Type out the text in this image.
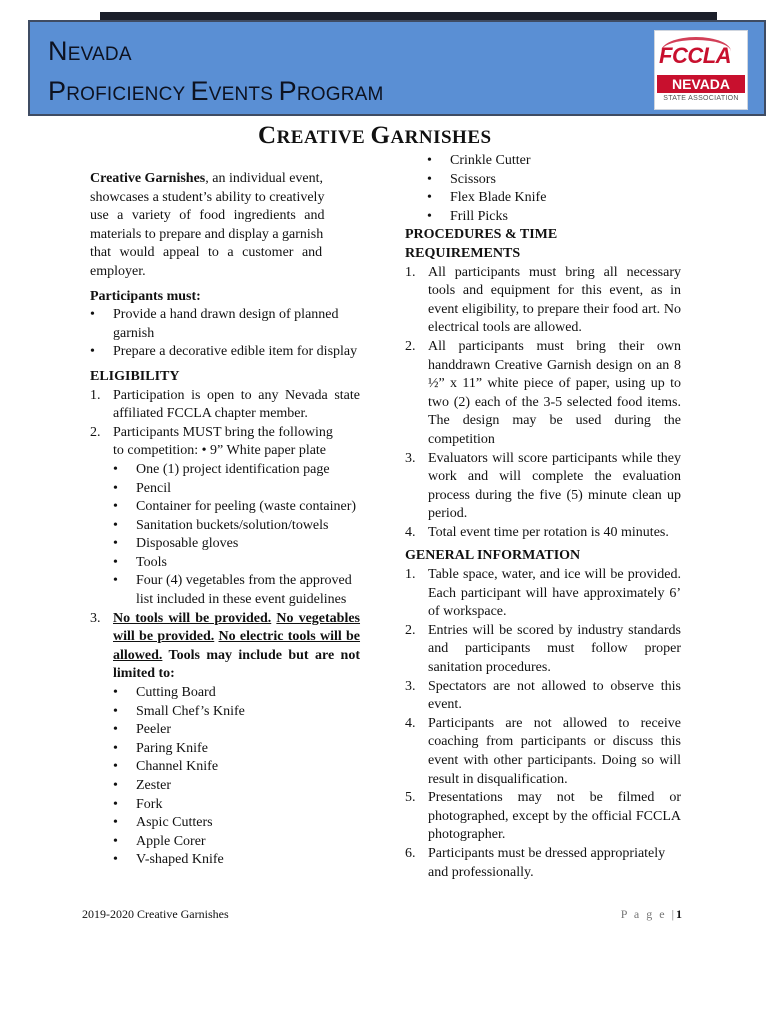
NEVADA
PROFICIENCY EVENTS PROGRAM
FCCLA
NEVADA
STATE ASSOCIATION
CREATIVE GARNISHES

Creative Garnishes, an individual event,
showcases a student’s ability to creatively
use a variety of food ingredients and
materials to prepare and display a garnish
that would appeal to a customer and
employer.

Participants must:

•	Provide a hand drawn design of planned garnish
•	Prepare a decorative edible item for display

ELIGIBILITY

1. Participation is open to any Nevada state affiliated FCCLA chapter member.
2. Participants MUST bring the following
to competition: • 9” White paper plate
•	One (1) project identification page
•	Pencil
•	Container for peeling (waste container)
•	Sanitation buckets/solution/towels
•	Disposable gloves
•	Tools
•	Four (4) vegetables from the approved list included in these event guidelines
3. No tools will be provided. No vegetables will be provided. No electric tools will be allowed. Tools may include but are not limited to:
•	Cutting Board
•	Small Chef’s Knife
•	Peeler
•	Paring Knife
•	Channel Knife
•	Zester
•	Fork
•	Aspic Cutters
•	Apple Corer
•	V-shaped Knife
•	Crinkle Cutter
•	Scissors
•	Flex Blade Knife
•	Frill Picks

PROCEDURES & TIME
REQUIREMENTS

1. All participants must bring all necessary tools and equipment for this event, as in event eligibility, to prepare their food art. No electrical tools are allowed.
2. All participants must bring their own handdrawn Creative Garnish design on an 8 ½” x 11” white piece of paper, using up to two (2) each of the 3-5 selected food items. The design may be used during the competition
3. Evaluators will score participants while they work and will complete the evaluation process during the five (5) minute clean up period.
4. Total event time per rotation is 40 minutes.

GENERAL INFORMATION

1. Table space, water, and ice will be provided. Each participant will have approximately 6’ of workspace.
2. Entries will be scored by industry standards and participants must follow proper sanitation procedures.
3. Spectators are not allowed to observe this event.
4. Participants are not allowed to receive coaching from participants or discuss this event with other participants. Doing so will result in disqualification.
5. Presentations may not be filmed or photographed, except by the official FCCLA photographer.
6. Participants must be dressed appropriately and professionally.
2019-2020 Creative Garnishes	P a g e |1
